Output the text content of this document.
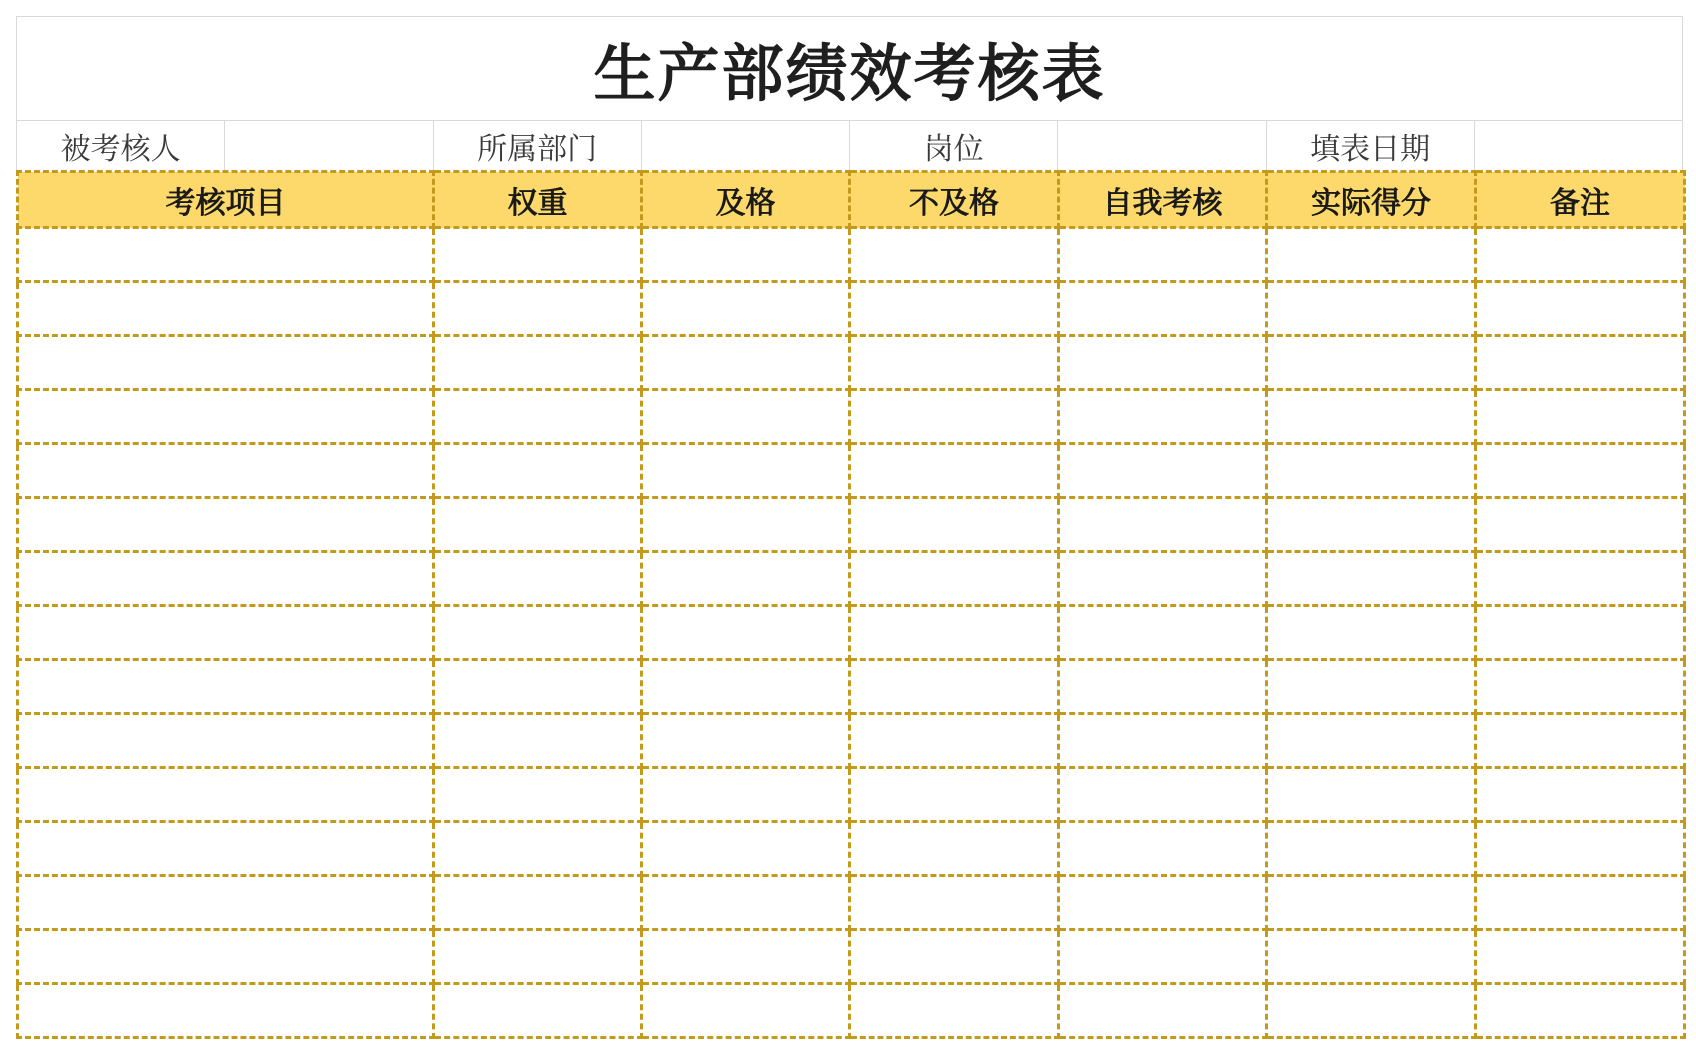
生产部绩效考核表
被考核人	所属部门	岗位	填表日期
考核项目	权重	及格	不及格	自我考核	实际得分	备注
